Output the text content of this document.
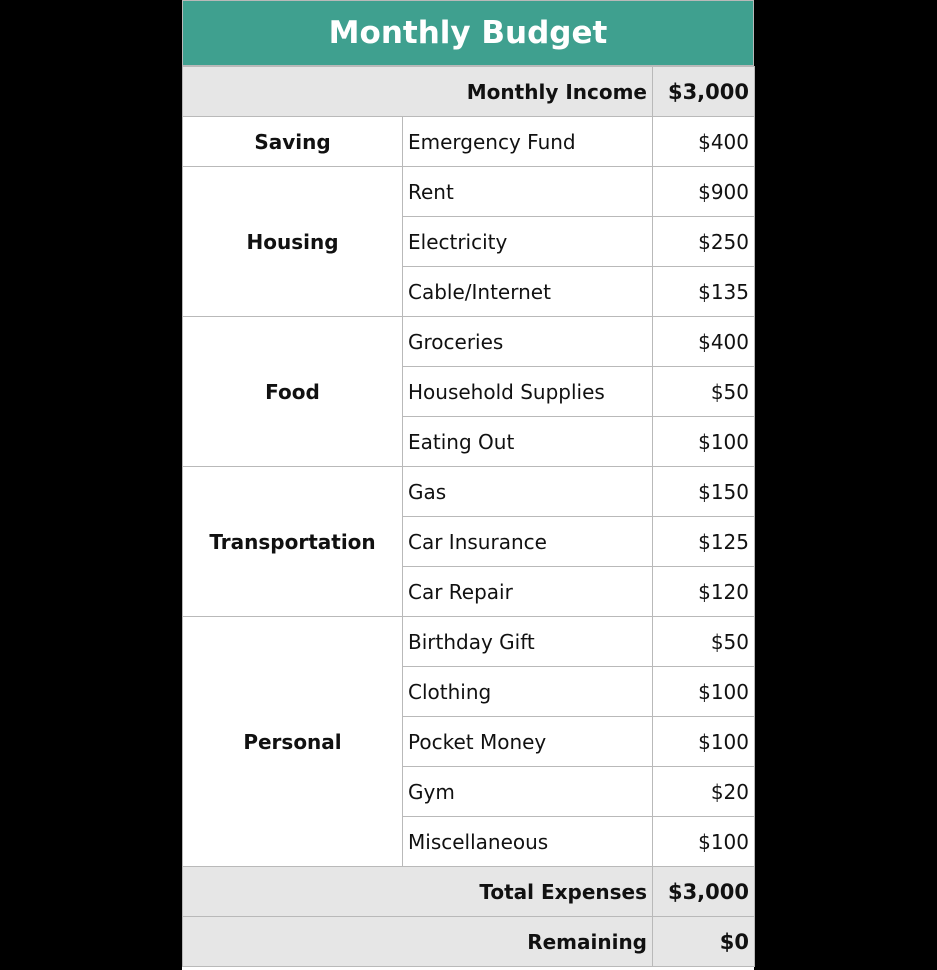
Monthly Budget
Monthly Income		$3,000
Saving	Emergency Fund	$400
Housing	Rent	$900
	Electricity	$250
	Cable/Internet	$135
Food	Groceries	$400
	Household Supplies	$50
	Eating Out	$100
Transportation	Gas	$150
	Car Insurance	$125
	Car Repair	$120
Personal	Birthday Gift	$50
	Clothing	$100
	Pocket Money	$100
	Gym	$20
	Miscellaneous	$100
Total Expenses		$3,000
Remaining		$0
